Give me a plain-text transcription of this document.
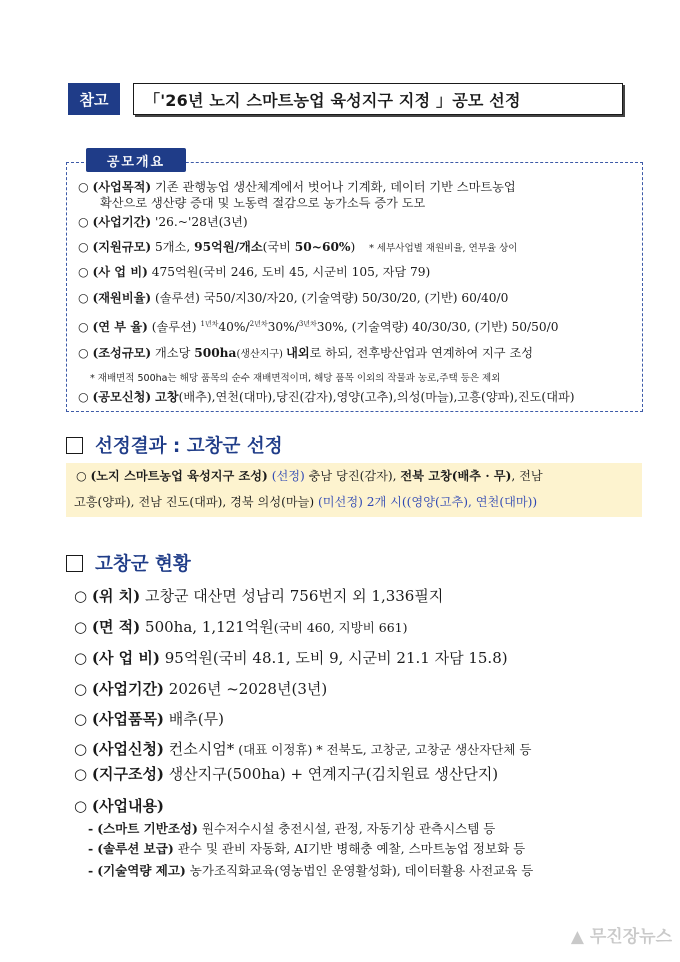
참고	「'26년 노지 스마트농업 육성지구 지정 」공모 선정
공모개요
○ (사업목적) 기존 관행농업 생산체계에서 벗어나 기계화, 데이터 기반 스마트농업
확산으로 생산량 증대 및 노동력 절감으로 농가소득 증가 도모
○ (사업기간) '26.~'28년(3년)
○ (지원규모) 5개소, 95억원/개소(국비 50~60%) * 세부사업별 재원비율, 연부율 상이
○ (사 업 비) 475억원(국비 246, 도비 45, 시군비 105, 자담 79)
○ (재원비율) (솔루션) 국50/지30/자20, (기술역량) 50/30/20, (기반) 60/40/0
○ (연 부 율) (솔루션) $^{1년차}$40%/$^{2년차}$30%/$^{3년차}$30%, (기술역량) 40/30/30, (기반) 50/50/0
○ (조성규모) 개소당 500ha(생산지구) 내외로 하되, 전후방산업과 연계하여 지구 조성
* 재배면적 500ha는 해당 품목의 순수 재배면적이며, 해당 품목 이외의 작물과 농로,주택 등은 제외
○ (공모신청) 고창(배추),연천(대마),당진(감자),영양(고추),의성(마늘),고흥(양파),진도(대파)
선정결과 : 고창군 선정
○ (노지 스마트농업 육성지구 조성) (선정) 충남 당진(감자), 전북 고창(배추 · 무), 전남
고흥(양파), 전남 진도(대파), 경북 의성(마늘) (미선정) 2개 시((영양(고추), 연천(대마))
고창군 현황
○ (위 치) 고창군 대산면 성남리 756번지 외 1,336필지
○ (면 적) 500ha, 1,121억원(국비 460, 지방비 661)
○ (사 업 비) 95억원(국비 48.1, 도비 9, 시군비 21.1 자담 15.8)
○ (사업기간) 2026년 ~2028년(3년)
○ (사업품목) 배추(무)
○ (사업신청) 컨소시엄* (대표 이정휴) * 전북도, 고창군, 고창군 생산자단체 등
○ (지구조성) 생산지구(500ha) + 연계지구(김치원료 생산단지)
○ (사업내용)
- (스마트 기반조성) 원수저수시설 충전시설, 관정, 자동기상 관측시스템 등
- (솔루션 보급) 관수 및 관비 자동화, AI기반 병해충 예찰, 스마트농업 정보화 등
- (기술역량 제고) 농가조직화교육(영농법인 운영활성화), 데이터활용 사전교육 등
▲ 무진장뉴스
